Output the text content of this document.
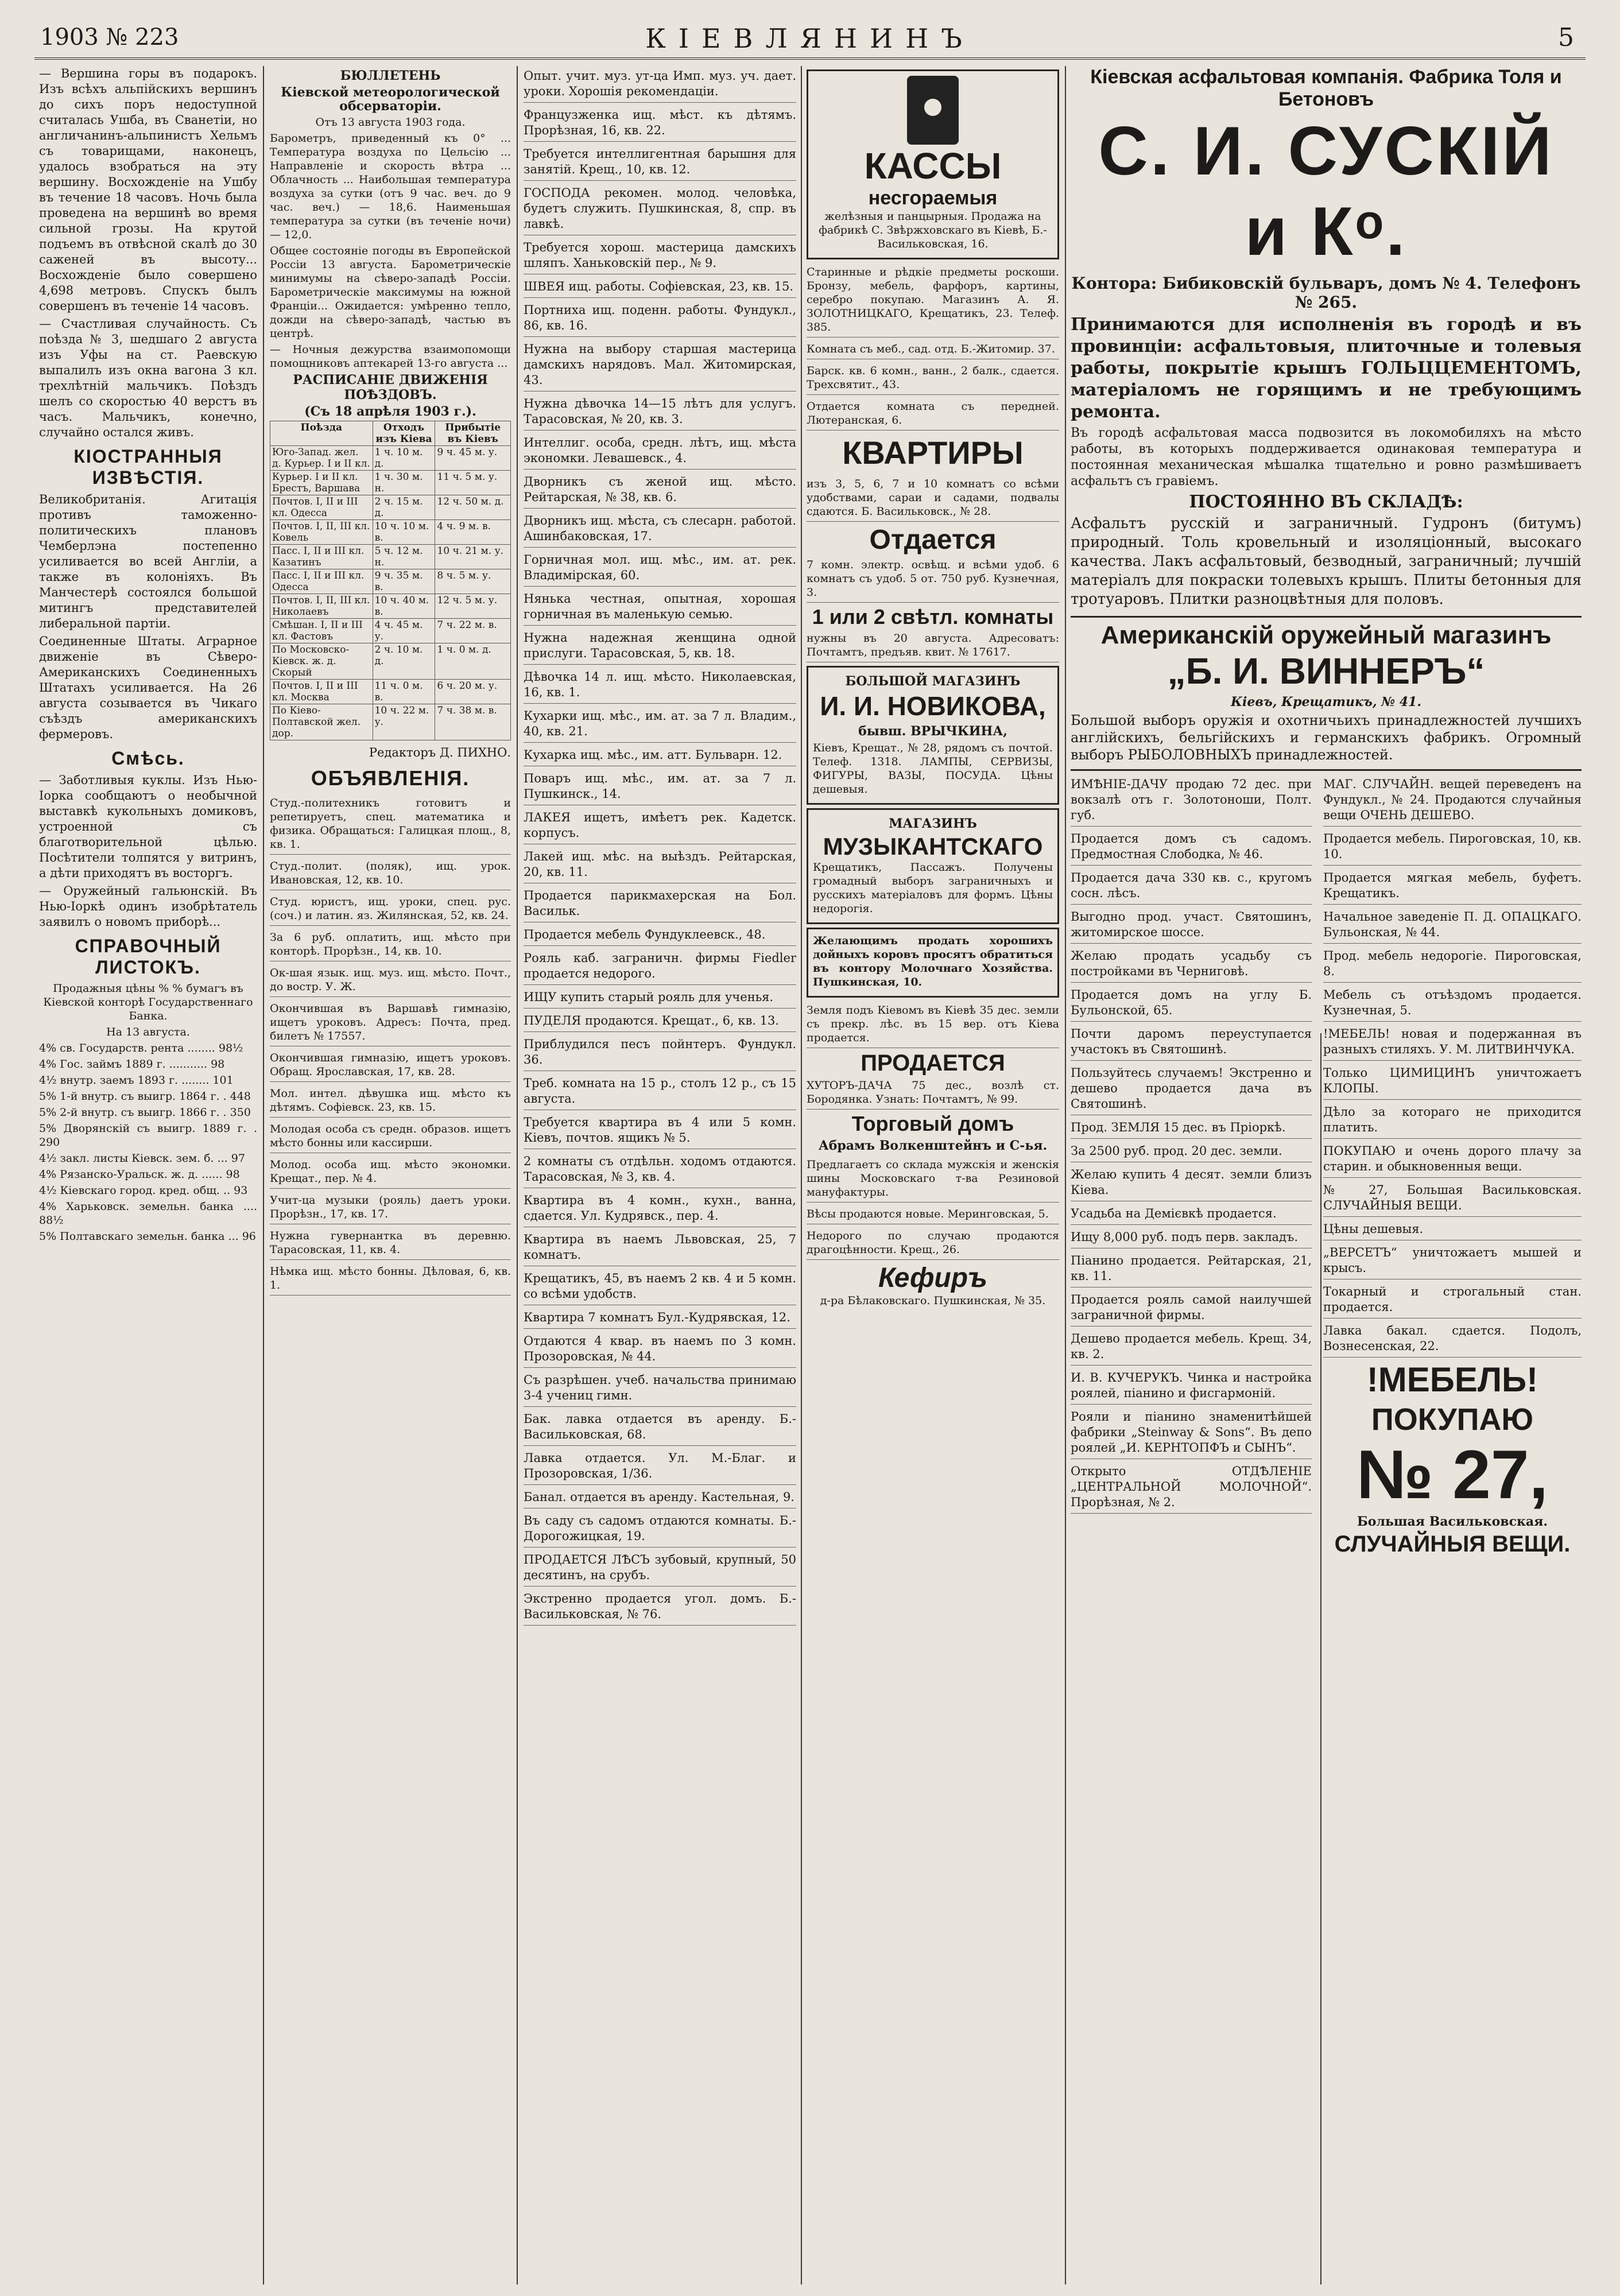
1903 № 223	КІЕВЛЯНИНЪ	5

— Вершина горы въ подарокъ. Изъ всѣхъ альпійскихъ вершинъ до сихъ поръ недоступной считалась Ушба, въ Сванетіи, но англичанинъ-альпинистъ Хельмъ съ товарищами, наконецъ, удалось взобраться на эту вершину. Восхожденіе на Ушбу въ течение 18 часовъ. Ночь была проведена на вершинѣ во время сильной грозы. На крутой подъемъ въ отвѣсной скалѣ до 30 саженей въ высоту... Восхожденіе было совершено 4,698 метровъ. Спускъ былъ совершенъ въ теченіе 14 часовъ.

— Счастливая случайность. Съ поѣзда № 3, шедшаго 2 августа изъ Уфы на ст. Раевскую выпалилъ изъ окна вагона 3 кл. трехлѣтній мальчикъ. Поѣздъ шелъ со скоростью 40 верстъ въ часъ. Мальчикъ, конечно, случайно остался живъ.

КІОСТРАННЫЯ ИЗВѢСТІЯ.

Великобританія. Агитація противъ таможенно-политическихъ плановъ Чемберлэна постепенно усиливается во всей Англіи, а также въ колоніяхъ. Въ Манчестерѣ состоялся большой митингъ представителей либеральной партіи.

Соединенные Штаты. Аграрное движеніе въ Сѣверо-Американскихъ Соединенныхъ Штатахъ усиливается. На 26 августа созывается въ Чикаго съѣздъ американскихъ фермеровъ.

Смѣсь.

— Заботливыя куклы. Изъ Нью-Іорка сообщаютъ о необычной выставкѣ кукольныхъ домиковъ, устроенной съ благотворительной цѣлью. Посѣтители толпятся у витринъ, а дѣти приходятъ въ восторгъ.

— Оружейный гальюнскій. Въ Нью-Іоркѣ одинъ изобрѣтатель заявилъ о новомъ приборѣ...

СПРАВОЧНЫЙ ЛИСТОКЪ.

Продажныя цѣны % % бумагъ въ Кіевской конторѣ Государственнаго Банка.

На 13 августа.

4% св. Государств. рента ........ 98½

4% Гос. займъ 1889 г. ........... 98

4½ внутр. заемъ 1893 г. ........ 101

5% 1-й внутр. съ выигр. 1864 г. . 448

5% 2-й внутр. съ выигр. 1866 г. . 350

5% Дворянскій съ выигр. 1889 г. . 290

4½ закл. листы Кіевск. зем. б. ... 97

4% Рязанско-Уральск. ж. д. ...... 98

4½ Кіевскаго город. кред. общ. .. 93

4% Харьковск. земельн. банка .... 88½

5% Полтавскаго земельн. банка ... 96

БЮЛЛЕТЕНЬ
Кіевской метеорологической обсерваторіи.

Отъ 13 августа 1903 года.

Барометръ, приведенный къ 0° ... Температура воздуха по Цельсію ... Направленіе и скорость вѣтра ... Облачность ... Наибольшая температура воздуха за сутки (отъ 9 час. веч. до 9 час. веч.) — 18,6. Наименьшая температура за сутки (въ теченіе ночи) — 12,0.

Общее состояніе погоды въ Европейской Россіи 13 августа. Барометрическіе минимумы на сѣверо-западѣ Россіи. Барометрическіе максимумы на южной Франціи... Ожидается: умѣренно тепло, дожди на сѣверо-западѣ, частью въ центрѣ.

— Ночныя дежурства взаимопомощи помощниковъ аптекарей 13-го августа ...

РАСПИСАНІЕ ДВИЖЕНІЯ ПОѢЗДОВЪ.
(Съ 18 апрѣля 1903 г.).
Поѣзда	Отходъ изъ Кіева	Прибытіе въ Кіевъ
Юго-Запад. жел. д. Курьер. I и II кл.	1 ч. 10 м. д.	9 ч. 45 м. у.
Курьер. I и II кл. Брестъ, Варшава	1 ч. 30 м. н.	11 ч. 5 м. у.
Почтов. I, II и III кл. Одесса	2 ч. 15 м. д.	12 ч. 50 м. д.
Почтов. I, II, III кл. Ковель	10 ч. 10 м. в.	4 ч. 9 м. в.
Пасс. I, II и III кл. Казатинъ	5 ч. 12 м. н.	10 ч. 21 м. у.
Пасс. I, II и III кл. Одесса	9 ч. 35 м. в.	8 ч. 5 м. у.
Почтов. I, II, III кл. Николаевъ	10 ч. 40 м. в.	12 ч. 5 м. у.
Смѣшан. I, II и III кл. Фастовъ	4 ч. 45 м. у.	7 ч. 22 м. в.
По Московско-Кіевск. ж. д. Скорый	2 ч. 10 м. д.	1 ч. 0 м. д.
Почтов. I, II и III кл. Москва	11 ч. 0 м. в.	6 ч. 20 м. у.
По Кіево-Полтавской жел. дор.	10 ч. 22 м. у.	7 ч. 38 м. в.

Редакторъ Д. ПИХНО.

ОБЪЯВЛЕНІЯ.

Студ.-политехникъ готовитъ и репетируетъ, спец. математика и физика. Обращаться: Галицкая площ., 8, кв. 1.

Студ.-полит. (поляк), ищ. урок. Ивановская, 12, кв. 10.

Студ. юристъ, ищ. уроки, спец. рус. (соч.) и латин. яз. Жилянская, 52, кв. 24.

За 6 руб. оплатить, ищ. мѣсто при конторѣ. Прорѣзн., 14, кв. 10.

Ок-шая язык. ищ. муз. ищ. мѣсто. Почт., до востр. У. Ж.

Окончившая въ Варшавѣ гимназію, ищетъ уроковъ. Адресъ: Почта, пред. билетъ № 17557.

Окончившая гимназію, ищетъ уроковъ. Обращ. Ярославская, 17, кв. 28.

Мол. интел. дѣвушка ищ. мѣсто къ дѣтямъ. Софіевск. 23, кв. 15.

Молодая особа съ средн. образов. ищетъ мѣсто бонны или кассирши.

Молод. особа ищ. мѣсто экономки. Крещат., пер. № 4.

Учит-ца музыки (рояль) даетъ уроки. Прорѣзн., 17, кв. 17.

Нужна гувернантка въ деревню. Тарасовская, 11, кв. 4.

Нѣмка ищ. мѣсто бонны. Дѣловая, 6, кв. 1.

Опыт. учит. муз. ут-ца Имп. муз. уч. дает. уроки. Хорошія рекомендаціи.

Французженка ищ. мѣст. къ дѣтямъ. Прорѣзная, 16, кв. 22.

Требуется интеллигентная барышня для занятій. Крещ., 10, кв. 12.

ГОСПОДА рекомен. молод. человѣка, будетъ служить. Пушкинская, 8, спр. въ лавкѣ.

Требуется хорош. мастерица дамскихъ шляпъ. Ханьковскій пер., № 9.

ШВЕЯ ищ. работы. Софіевская, 23, кв. 15.

Портниха ищ. поденн. работы. Фундукл., 86, кв. 16.

Нужна на выбору старшая мастерица дамскихъ нарядовъ. Мал. Житомирская, 43.

Нужна дѣвочка 14—15 лѣтъ для услугъ. Тарасовская, № 20, кв. 3.

Интеллиг. особа, средн. лѣтъ, ищ. мѣста экономки. Левашевск., 4.

Дворникъ съ женой ищ. мѣсто. Рейтарская, № 38, кв. 6.

Дворникъ ищ. мѣста, съ слесарн. работой. Ашинбаковская, 17.

Горничная мол. ищ. мѣс., им. ат. рек. Владимірская, 60.

Нянька честная, опытная, хорошая горничная въ маленькую семью.

Нужна надежная женщина одной прислуги. Тарасовская, 5, кв. 18.

Дѣвочка 14 л. ищ. мѣсто. Николаевская, 16, кв. 1.

Кухарки ищ. мѣс., им. ат. за 7 л. Владим., 40, кв. 21.

Кухарка ищ. мѣс., им. атт. Бульварн. 12.

Поваръ ищ. мѣс., им. ат. за 7 л. Пушкинск., 14.

ЛАКЕЯ ищетъ, имѣетъ рек. Кадетск. корпусъ.

Лакей ищ. мѣс. на выѣздъ. Рейтарская, 20, кв. 11.

Продается парикмахерская на Бол. Васильк.

Продается мебель Фундуклеевск., 48.

Рояль каб. заграничн. фирмы Fiedler продается недорого.

ИЩУ купить старый рояль для ученья.

ПУДЕЛЯ продаются. Крещат., 6, кв. 13.

Приблудился песъ пойнтеръ. Фундукл. 36.

Треб. комната на 15 р., столъ 12 р., съ 15 августа.

Требуется квартира въ 4 или 5 комн. Кіевъ, почтов. ящикъ № 5.

2 комнаты съ отдѣльн. ходомъ отдаются. Тарасовская, № 3, кв. 4.

Квартира въ 4 комн., кухн., ванна, сдается. Ул. Кудрявск., пер. 4.

Квартира въ наемъ Львовская, 25, 7 комнатъ.

Крещатикъ, 45, въ наемъ 2 кв. 4 и 5 комн. со всѣми удобств.

Квартира 7 комнатъ Бул.-Кудрявская, 12.

Отдаются 4 квар. въ наемъ по 3 комн. Прозоровская, № 44.

Съ разрѣшен. учеб. начальства принимаю 3-4 учениц гимн.

Бак. лавка отдается въ аренду. Б.-Васильковская, 68.

Лавка отдается. Ул. М.-Благ. и Прозоровская, 1/36.

Банал. отдается въ аренду. Кастельная, 9.

Въ саду съ садомъ отдаются комнаты. Б.-Дорогожицкая, 19.

ПРОДАЕТСЯ ЛѢСЪ зубовый, крупный, 50 десятинъ, на срубъ.

Экстренно продается угол. домъ. Б.-Васильковская, № 76.

КАССЫ
несгораемыя

желѣзныя и панцырныя. Продажа на фабрикѣ С. Звѣржховскаго въ Кіевѣ, Б.-Васильковская, 16.

Старинные и рѣдкіе предметы роскоши. Бронзу, мебель, фарфоръ, картины, серебро покупаю. Магазинъ А. Я. ЗОЛОТНИЦКАГО, Крещатикъ, 23. Телеф. 385.

Комната съ меб., сад. отд. Б.-Житомир. 37.

Барск. кв. 6 комн., ванн., 2 балк., сдается. Трехсвятит., 43.

Отдается комната съ передней. Лютеранская, 6.

КВАРТИРЫ

изъ 3, 5, 6, 7 и 10 комнатъ со всѣми удобствами, сараи и садами, подвалы сдаются. Б. Васильковск., № 28.

Отдается

7 комн. электр. освѣщ. и всѣми удоб. 6 комнатъ съ удоб. 5 от. 750 руб. Кузнечная, 3.

1 или 2 свѣтл. комнаты

нужны въ 20 августа. Адресоватъ: Почтамтъ, предъяв. квит. № 17617.

БОЛЬШОЙ МАГАЗИНЪ
И. И. НОВИКОВА,
бывш. ВРЫЧКИНА,

Кіевъ, Крещат., № 28, рядомъ съ почтой. Телеф. 1318. ЛАМПЫ, СЕРВИЗЫ, ФИГУРЫ, ВАЗЫ, ПОСУДА. Цѣны дешевыя.

МАГАЗИНЪ
МУЗЫКАНТСКАГО

Крещатикъ, Пассажъ. Получены громадный выборъ заграничныхъ и русскихъ матеріаловъ для формъ. Цѣны недорогія.

Желающимъ продать хорошихъ дойныхъ коровъ просятъ обратиться въ контору Молочнаго Хозяйства. Пушкинская, 10.

Земля подъ Кіевомъ въ Кіевѣ 35 дес. земли съ прекр. лѣс. въ 15 вер. отъ Кіева продается.

ПРОДАЕТСЯ

ХУТОРЪ-ДАЧА 75 дес., возлѣ ст. Бородянка. Узнать: Почтамтъ, № 99.

Торговый домъ
Абрамъ Волкенштейнъ и С-ья.

Предлагаетъ со склада мужскія и женскія шины Московскаго т-ва Резиновой мануфактуры.

Вѣсы продаются новые. Меринговская, 5.

Недорого по случаю продаются драгоцѣнности. Крещ., 26.

Кефиръ

д-ра Бѣлаковскаго. Пушкинская, № 35.

Кіевская асфальтовая компанія. Фабрика Толя и Бетоновъ
С. И. СУСКІЙ и Кᵒ.
Контора: Бибиковскій бульваръ, домъ № 4. Телефонъ № 265.

Принимаются для исполненія въ городѣ и въ провинціи: асфальтовыя, плиточные и толевыя работы, покрытіе крышъ ГОЛЬЦЦЕМЕНТОМЪ, матеріаломъ не горящимъ и не требующимъ ремонта.

Въ городѣ асфальтовая масса подвозится въ локомобиляхъ на мѣсто работы, въ которыхъ поддерживается одинаковая температура и постоянная механическая мѣшалка тщательно и ровно размѣшиваетъ асфальтъ съ гравіемъ.

ПОСТОЯННО ВЪ СКЛАДѢ:

Асфальтъ русскій и заграничный. Гудронъ (битумъ) природный. Толь кровельный и изоляціонный, высокаго качества. Лакъ асфальтовый, безводный, заграничный; лучшій матеріалъ для покраски толевыхъ крышъ. Плиты бетонныя для тротуаровъ. Плитки разноцвѣтныя для половъ.

Американскій оружейный магазинъ
„Б. И. ВИННЕРЪ“
Кіевъ, Крещатикъ, № 41.

Большой выборъ оружія и охотничьихъ принадлежностей лучшихъ англійскихъ, бельгійскихъ и германскихъ фабрикъ. Огромный выборъ РЫБОЛОВНЫХЪ принадлежностей.

ИМѢНІЕ-ДАЧУ продаю 72 дес. при вокзалѣ отъ г. Золотоноши, Полт. губ.

Продается домъ съ садомъ. Предмостная Слободка, № 46.

Продается дача 330 кв. с., кругомъ сосн. лѣсъ.

Выгодно прод. участ. Святошинъ, житомирское шоссе.

Желаю продать усадьбу съ постройками въ Черниговѣ.

Продается домъ на углу Б. Бульонской, 65.

Почти даромъ переуступается участокъ въ Святошинѣ.

Пользуйтесь случаемъ! Экстренно и дешево продается дача въ Святошинѣ.

Прод. ЗЕМЛЯ 15 дес. въ Пріоркѣ.

За 2500 руб. прод. 20 дес. земли.

Желаю купить 4 десят. земли близъ Кіева.

Усадьба на Демієвкѣ продается.

Ищу 8,000 руб. подъ перв. закладъ.

Піанино продается. Рейтарская, 21, кв. 11.

Продается рояль самой наилучшей заграничной фирмы.

Дешево продается мебель. Крещ. 34, кв. 2.

И. В. КУЧЕРУКЪ. Чинка и настройка роялей, піанино и фисгармоній.

Рояли и піанино знаменитѣйшей фабрики „Steinway & Sons“. Въ депо роялей „И. КЕРНТОПФЪ и СЫНЪ“.

Открыто ОТДѢЛЕНІЕ „ЦЕНТРАЛЬНОЙ МОЛОЧНОЙ“. Прорѣзная, № 2.

МАГ. СЛУЧАЙН. вещей переведенъ на Фундукл., № 24. Продаются случайныя вещи ОЧЕНЬ ДЕШЕВО.

Продается мебель. Пироговская, 10, кв. 10.

Продается мягкая мебель, буфетъ. Крещатикъ.

Начальное заведеніе П. Д. ОПАЦКАГО. Бульонская, № 44.

Прод. мебель недорогіе. Пироговская, 8.

Мебель съ отъѣздомъ продается. Кузнечная, 5.

!МЕБЕЛЬ! новая и подержанная въ разныхъ стиляхъ. У. М. ЛИТВИНЧУКА.

Только ЦИМИЦИНЪ уничтожаетъ КЛОПЫ.

Дѣло за котораго не приходится платить.

ПОКУПАЮ и очень дорого плачу за старин. и обыкновенныя вещи.

№ 27, Большая Васильковская. СЛУЧАЙНЫЯ ВЕЩИ.

Цѣны дешевыя.

„ВЕРСЕТЪ“ уничтожаетъ мышей и крысъ.

Токарный и строгальный стан. продается.

Лавка бакал. сдается. Подолъ, Вознесенская, 22.

!МЕБЕЛЬ!
ПОКУПАЮ
№ 27,
Большая Васильковская.
СЛУЧАЙНЫЯ ВЕЩИ.
